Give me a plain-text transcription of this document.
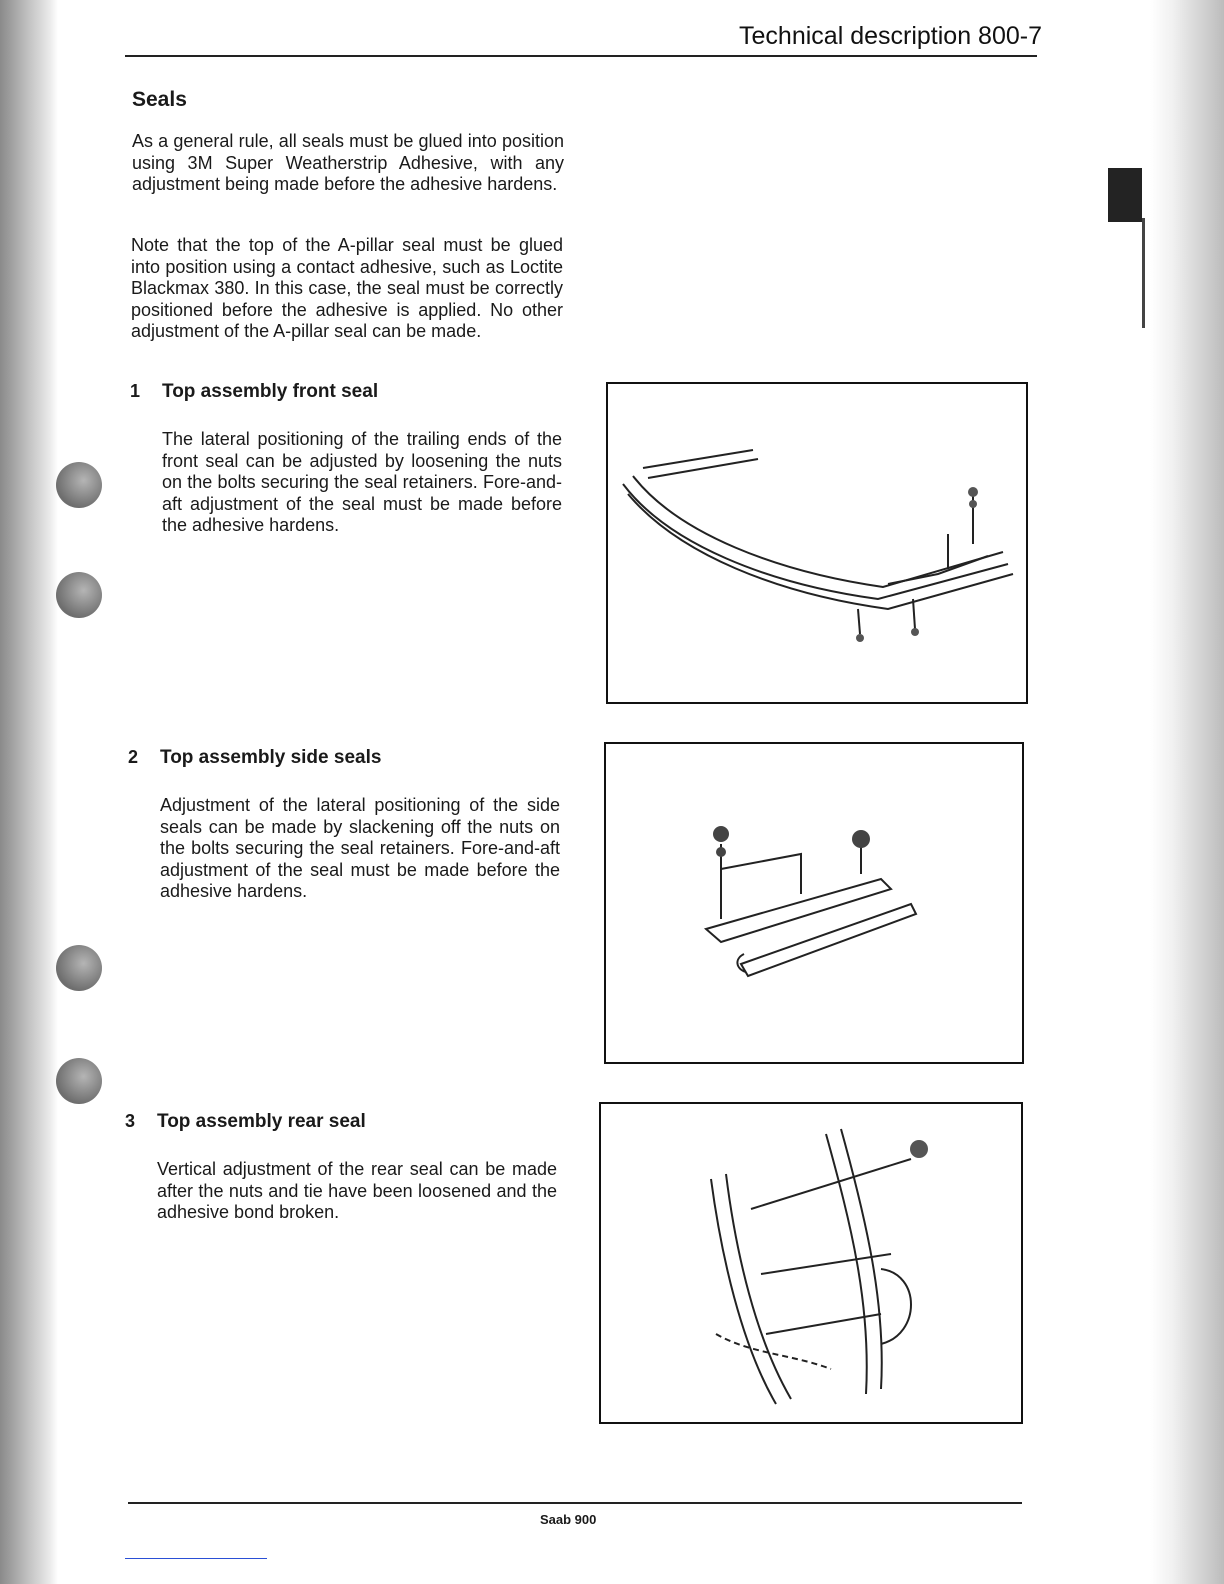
Technical description 800-7
Seals

As a general rule, all seals must be glued into position using 3M Super Weatherstrip Adhesive, with any adjustment being made before the adhesive hardens.

Note that the top of the A-pillar seal must be glued into position using a contact adhesive, such as Loctite Blackmax 380. In this case, the seal must be correctly positioned before the adhesive is applied. No other adjustment of the A-pillar seal can be made.

1 Top assembly front seal

The lateral positioning of the trailing ends of the front seal can be adjusted by loosening the nuts on the bolts securing the seal retainers. Fore-and-aft adjustment of the seal must be made before the adhesive hardens.

2 Top assembly side seals

Adjustment of the lateral positioning of the side seals can be made by slackening off the nuts on the bolts securing the seal retainers. Fore-and-aft adjustment of the seal must be made before the adhesive hardens.

3 Top assembly rear seal

Vertical adjustment of the rear seal can be made after the nuts and tie have been loosened and the adhesive bond broken.

Saab 900
